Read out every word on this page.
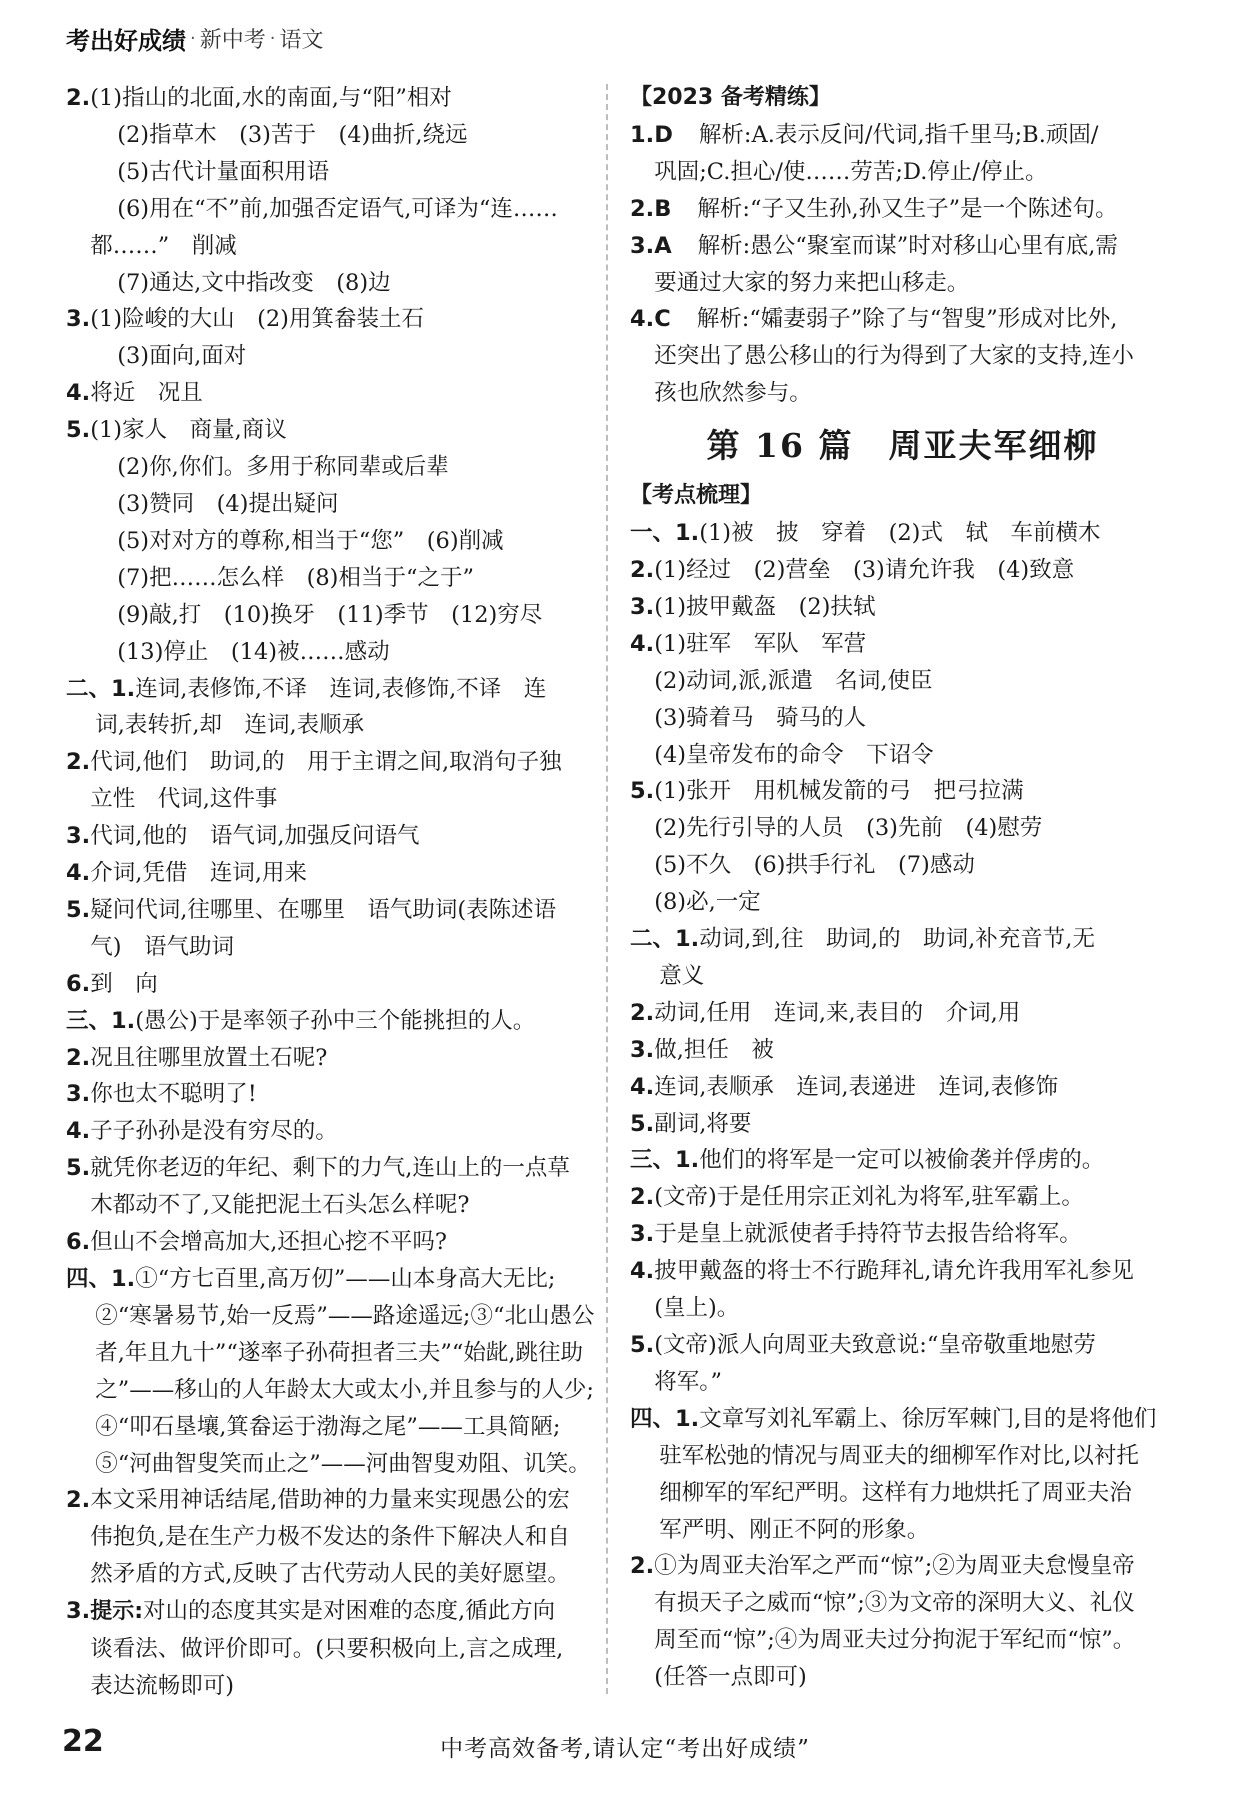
考出好成绩 · 新中考 · 语文
2. (1)指山的北面,水的南面,与“阳”相对
(2)指草木　(3)苦于　(4)曲折,绕远
(5)古代计量面积用语
(6)用在“不”前,加强否定语气,可译为“连……
都……”　削减
(7)通达,文中指改变　(8)边
3. (1)险峻的大山　(2)用箕畚装土石
(3)面向,面对
4. 将近　况且
5. (1)家人　商量,商议
(2)你,你们。多用于称同辈或后辈
(3)赞同　(4)提出疑问
(5)对对方的尊称,相当于“您”　(6)削减
(7)把……怎么样　(8)相当于“之于”
(9)敲,打　(10)换牙　(11)季节　(12)穷尽
(13)停止　(14)被……感动
二、1. 连词,表修饰,不译　连词,表修饰,不译　连
词,表转折,却　连词,表顺承
2. 代词,他们　助词,的　用于主谓之间,取消句子独
立性　代词,这件事
3. 代词,他的　语气词,加强反问语气
4. 介词,凭借　连词,用来
5. 疑问代词,往哪里、在哪里　语气助词(表陈述语
气)　语气助词
6. 到　向
三、1. (愚公)于是率领子孙中三个能挑担的人。
2. 况且往哪里放置土石呢?
3. 你也太不聪明了!
4. 子子孙孙是没有穷尽的。
5. 就凭你老迈的年纪、剩下的力气,连山上的一点草
木都动不了,又能把泥土石头怎么样呢?
6. 但山不会增高加大,还担心挖不平吗?
四、1. ①“方七百里,高万仞”——山本身高大无比;
②“寒暑易节,始一反焉”——路途遥远;③“北山愚公
者,年且九十”“遂率子孙荷担者三夫”“始龀,跳往助
之”——移山的人年龄太大或太小,并且参与的人少;
④“叩石垦壤,箕畚运于渤海之尾”——工具简陋;
⑤“河曲智叟笑而止之”——河曲智叟劝阻、讥笑。
2. 本文采用神话结尾,借助神的力量来实现愚公的宏
伟抱负,是在生产力极不发达的条件下解决人和自
然矛盾的方式,反映了古代劳动人民的美好愿望。
3. 提示:对山的态度其实是对困难的态度,循此方向
谈看法、做评价即可。(只要积极向上,言之成理,
表达流畅即可)
【2023 备考精练】
1. D 解析:A.表示反问/代词,指千里马;B.顽固/
巩固;C.担心/使……劳苦;D.停止/停止。
2. B 解析:“子又生孙,孙又生子”是一个陈述句。
3. A 解析:愚公“聚室而谋”时对移山心里有底,需
要通过大家的努力来把山移走。
4. C 解析:“孀妻弱子”除了与“智叟”形成对比外,
还突出了愚公移山的行为得到了大家的支持,连小
孩也欣然参与。
第 16 篇　周亚夫军细柳
【考点梳理】
一、1. (1)被　披　穿着　(2)式　轼　车前横木
2. (1)经过　(2)营垒　(3)请允许我　(4)致意
3. (1)披甲戴盔　(2)扶轼
4. (1)驻军　军队　军营
(2)动词,派,派遣　名词,使臣
(3)骑着马　骑马的人
(4)皇帝发布的命令　下诏令
5. (1)张开　用机械发箭的弓　把弓拉满
(2)先行引导的人员　(3)先前　(4)慰劳
(5)不久　(6)拱手行礼　(7)感动
(8)必,一定
二、1. 动词,到,往　助词,的　助词,补充音节,无
意义
2. 动词,任用　连词,来,表目的　介词,用
3. 做,担任　被
4. 连词,表顺承　连词,表递进　连词,表修饰
5. 副词,将要
三、1. 他们的将军是一定可以被偷袭并俘虏的。
2. (文帝)于是任用宗正刘礼为将军,驻军霸上。
3. 于是皇上就派使者手持符节去报告给将军。
4. 披甲戴盔的将士不行跪拜礼,请允许我用军礼参见
(皇上)。
5. (文帝)派人向周亚夫致意说:“皇帝敬重地慰劳
将军。”
四、1. 文章写刘礼军霸上、徐厉军棘门,目的是将他们
驻军松弛的情况与周亚夫的细柳军作对比,以衬托
细柳军的军纪严明。这样有力地烘托了周亚夫治
军严明、刚正不阿的形象。
2. ①为周亚夫治军之严而“惊”;②为周亚夫怠慢皇帝
有损天子之威而“惊”;③为文帝的深明大义、礼仪
周至而“惊”;④为周亚夫过分拘泥于军纪而“惊”。
(任答一点即可)
22	中考高效备考,请认定“考出好成绩”
